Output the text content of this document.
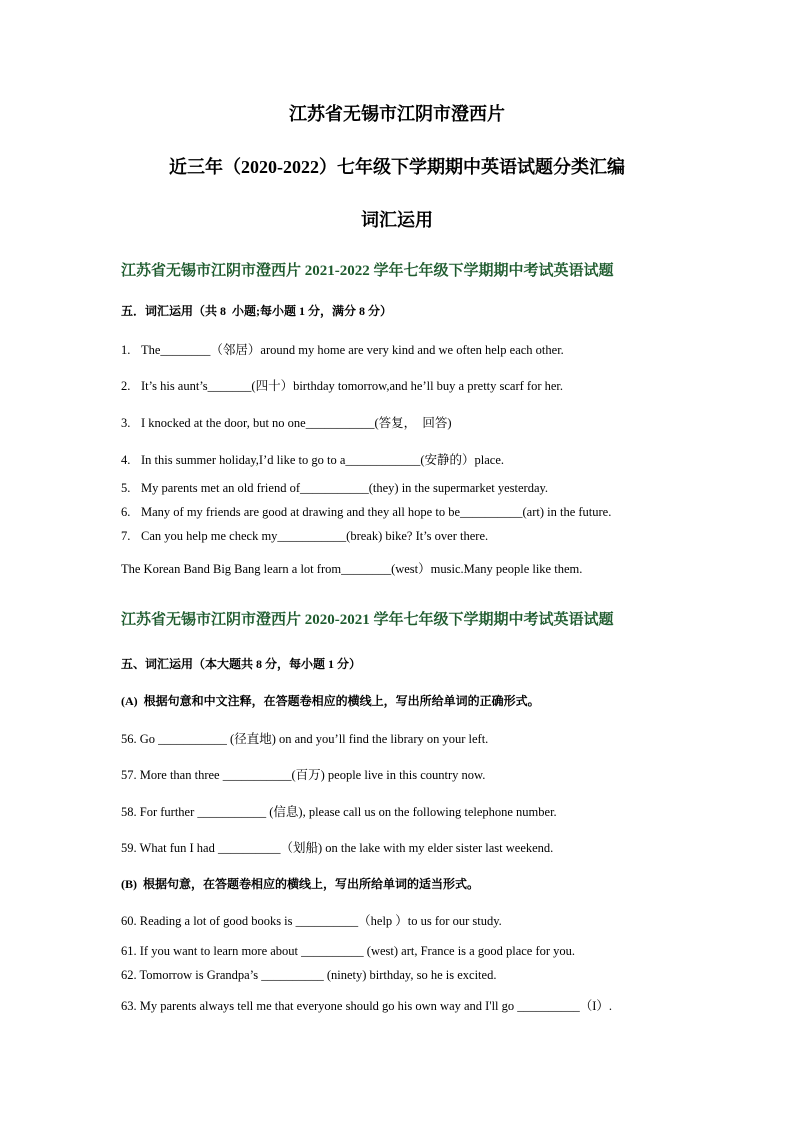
江苏省无锡市江阴市澄西片
近三年（2020-2022）七年级下学期期中英语试题分类汇编
词汇运用
江苏省无锡市江阴市澄西片 2021-2022 学年七年级下学期期中考试英语试题
五．词汇运用（共 8  小题;每小题 1 分，满分 8 分）
1. The________（邻居）around my home are very kind and we often help each other.
2. It’s his aunt’s_______(四十）birthday tomorrow,and he’ll buy a pretty scarf for her.
3. I knocked at the door, but no one___________(答复，  回答)
4. In this summer holiday,I’d like to go to a____________(安静的）place.
5. My parents met an old friend of___________(they) in the supermarket yesterday.
6. Many of my friends are good at drawing and they all hope to be__________(art) in the future.
7. Can you help me check my___________(break) bike? It’s over there.
The Korean Band Big Bang learn a lot from________(west）music.Many people like them.
江苏省无锡市江阴市澄西片 2020-2021 学年七年级下学期期中考试英语试题
五、词汇运用（本大题共 8 分，每小题 1 分）
(A)  根据句意和中文注释，在答题卷相应的横线上，写出所给单词的正确形式。
56. Go ___________ (径直地) on and you’ll find the library on your left.
57. More than three ___________(百万) people live in this country now.
58. For further ___________ (信息), please call us on the following telephone number.
59. What fun I had __________（划船) on the lake with my elder sister last weekend.
(B)  根据句意，在答题卷相应的横线上，写出所给单词的适当形式。
60. Reading a lot of good books is __________（help ）to us for our study.
61. If you want to learn more about __________ (west) art, France is a good place for you.
62. Tomorrow is Grandpa’s __________ (ninety) birthday, so he is excited.
63. My parents always tell me that everyone should go his own way and I'll go __________（I）.
